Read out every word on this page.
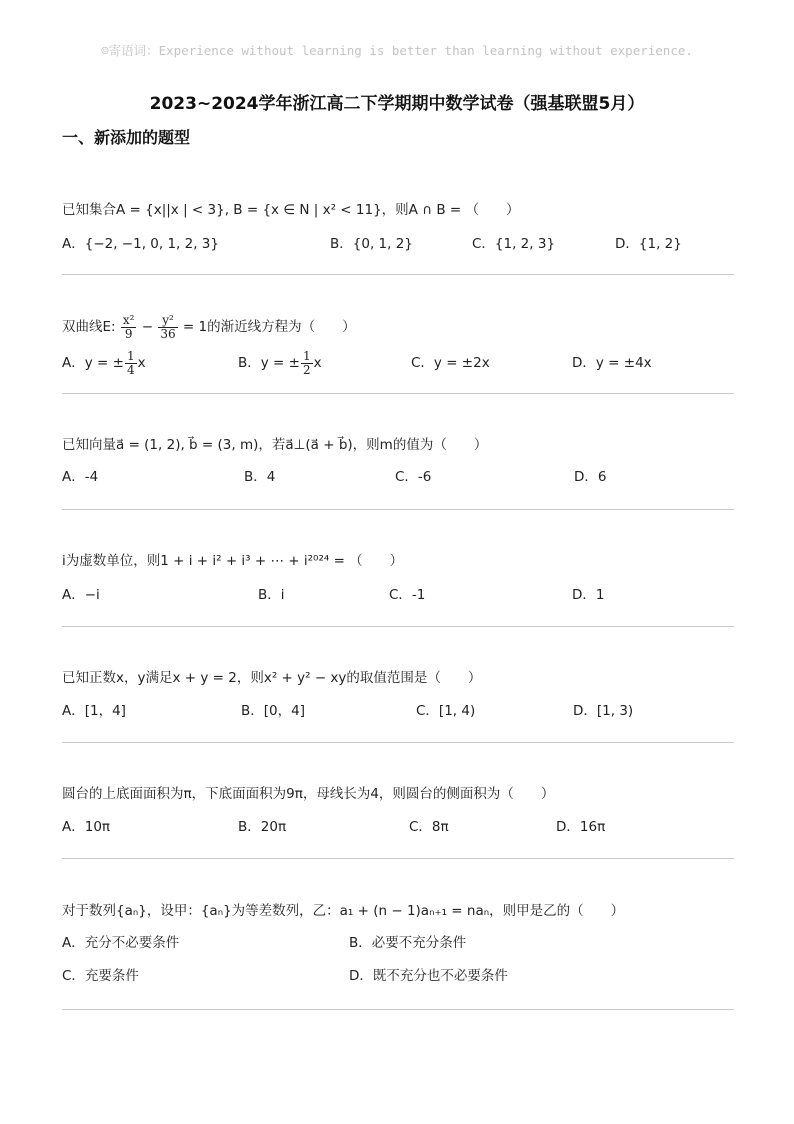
☺寄语词：Experience without learning is better than learning without experience.
2023~2024学年浙江高二下学期期中数学试卷（强基联盟5月）
一、新添加的题型
已知集合A = {x||x | < 3}, B = {x ∈ N | x² < 11}，则A ∩ B = （　　）
A．{−2, −1, 0, 1, 2, 3}	B．{0, 1, 2}	C．{1, 2, 3}	D．{1, 2}
双曲线E: $\frac{\text{x²}}{9} - \frac{\text{y²}}{36} = 1$的渐近线方程为（　　）
A．y = ± $\frac{1}{4}$ x	B．y = ± $\frac{1}{2}$ x	C．y = ±2x	D．y = ±4x
已知向量a⃗ = (1, 2), b⃗ = (3, m)，若a⃗⊥(a⃗ + b⃗)，则m的值为（　　）
A．-4	B．4	C．-6	D．6
i为虚数单位，则1 + i + i² + i³ + ⋯ + i²⁰²⁴ = （　　）
A．−i	B．i	C．-1	D．1
已知正数x，y满足x + y = 2，则x² + y² − xy的取值范围是（　　）
A．[1，4]	B．[0，4]	C．[1, 4)	D．[1, 3)
圆台的上底面面积为π，下底面面积为9π，母线长为4，则圆台的侧面积为（　　）
A．10π	B．20π	C．8π	D．16π
对于数列{aₙ}，设甲：{aₙ}为等差数列，乙：a₁ + (n − 1)aₙ₊₁ = naₙ，则甲是乙的（　　）
A．充分不必要条件	B．必要不充分条件
C．充要条件	D．既不充分也不必要条件
